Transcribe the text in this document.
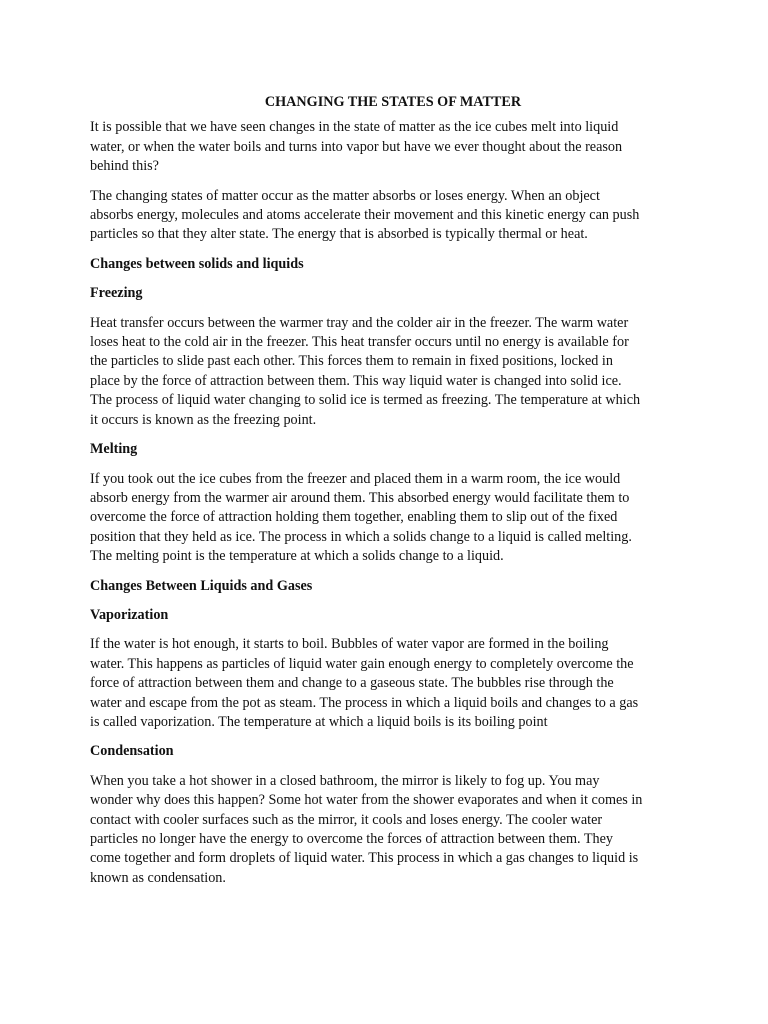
CHANGING THE STATES OF MATTER

It is possible that we have seen changes in the state of matter as the ice cubes melt into liquid
water, or when the water boils and turns into vapor but have we ever thought about the reason
behind this?

The changing states of matter occur as the matter absorbs or loses energy. When an object
absorbs energy, molecules and atoms accelerate their movement and this kinetic energy can push
particles so that they alter state. The energy that is absorbed is typically thermal or heat.

Changes between solids and liquids
Freezing

Heat transfer occurs between the warmer tray and the colder air in the freezer. The warm water
loses heat to the cold air in the freezer. This heat transfer occurs until no energy is available for
the particles to slide past each other. This forces them to remain in fixed positions, locked in
place by the force of attraction between them. This way liquid water is changed into solid ice.
The process of liquid water changing to solid ice is termed as freezing. The temperature at which
it occurs is known as the freezing point.

Melting

If you took out the ice cubes from the freezer and placed them in a warm room, the ice would
absorb energy from the warmer air around them. This absorbed energy would facilitate them to
overcome the force of attraction holding them together, enabling them to slip out of the fixed
position that they held as ice. The process in which a solids change to a liquid is called melting.
The melting point is the temperature at which a solids change to a liquid.

Changes Between Liquids and Gases
Vaporization

If the water is hot enough, it starts to boil. Bubbles of water vapor are formed in the boiling
water. This happens as particles of liquid water gain enough energy to completely overcome the
force of attraction between them and change to a gaseous state. The bubbles rise through the
water and escape from the pot as steam. The process in which a liquid boils and changes to a gas
is called vaporization. The temperature at which a liquid boils is its boiling point

Condensation

When you take a hot shower in a closed bathroom, the mirror is likely to fog up. You may
wonder why does this happen? Some hot water from the shower evaporates and when it comes in
contact with cooler surfaces such as the mirror, it cools and loses energy. The cooler water
particles no longer have the energy to overcome the forces of attraction between them. They
come together and form droplets of liquid water. This process in which a gas changes to liquid is
known as condensation.
